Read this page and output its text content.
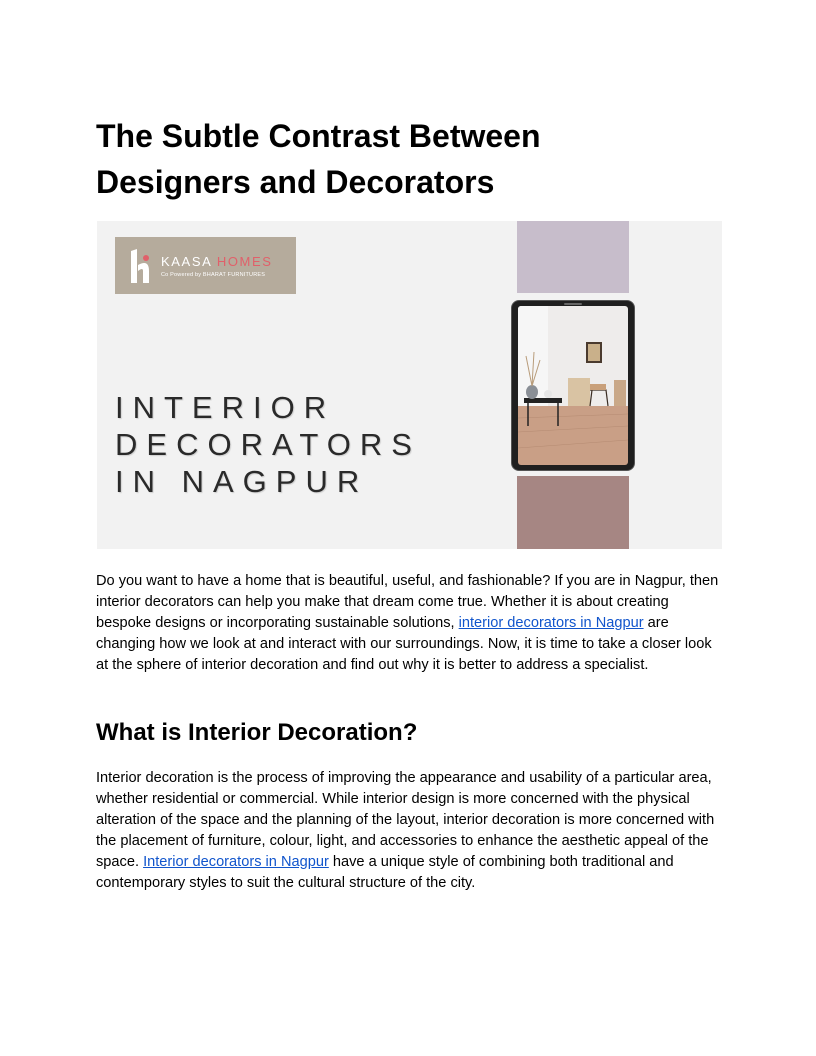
The Subtle Contrast Between
Designers and Decorators
KAASA HOMES
Co Powered by BHARAT FURNITURES
INTERIOR
DECORATORS
IN NAGPUR

Do you want to have a home that is beautiful, useful, and fashionable? If you are in Nagpur, then interior decorators can help you make that dream come true. Whether it is about creating bespoke designs or incorporating sustainable solutions, interior decorators in Nagpur are changing how we look at and interact with our surroundings. Now, it is time to take a closer look at the sphere of interior decoration and find out why it is better to address a specialist.

What is Interior Decoration?

Interior decoration is the process of improving the appearance and usability of a particular area, whether residential or commercial. While interior design is more concerned with the physical alteration of the space and the planning of the layout, interior decoration is more concerned with the placement of furniture, colour, light, and accessories to enhance the aesthetic appeal of the space. Interior decorators in Nagpur have a unique style of combining both traditional and contemporary styles to suit the cultural structure of the city.
